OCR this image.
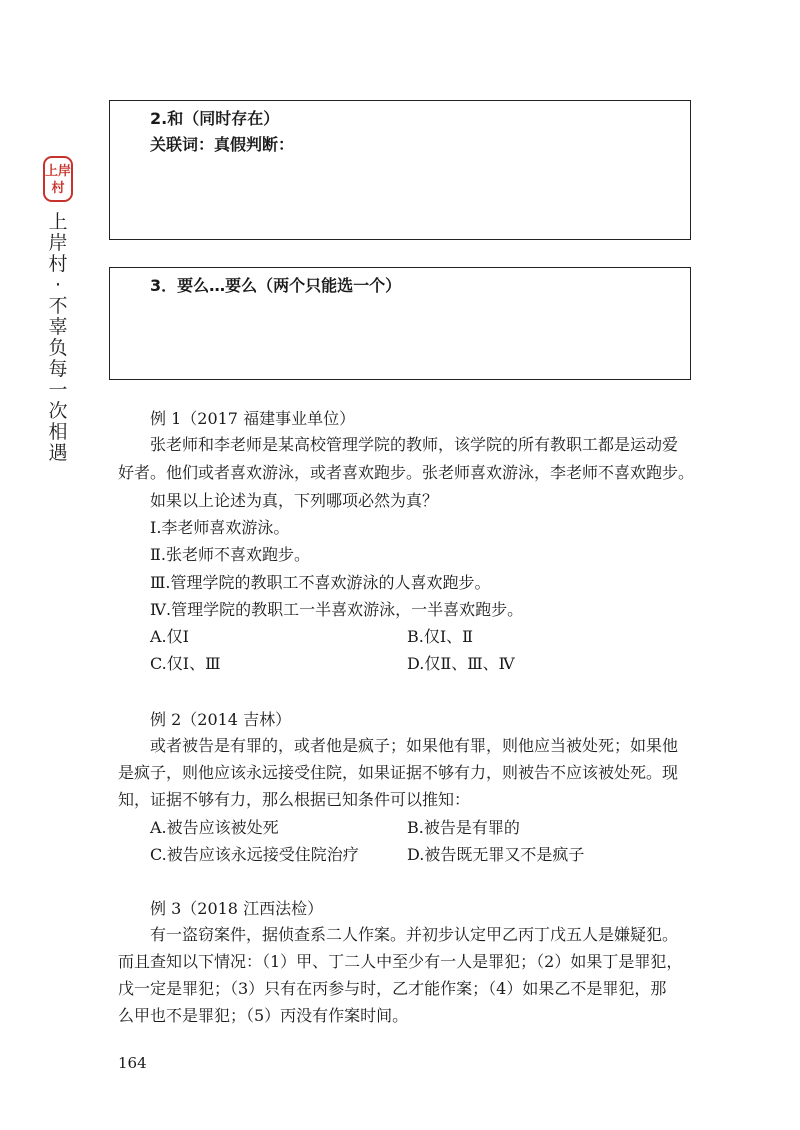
上岸村
上岸村·不辜负每一次相遇
2.和（同时存在）
关联词：真假判断：
3．要么…要么（两个只能选一个）
例 1（2017 福建事业单位）
张老师和李老师是某高校管理学院的教师，该学院的所有教职工都是运动爱
好者。他们或者喜欢游泳，或者喜欢跑步。张老师喜欢游泳，李老师不喜欢跑步。
如果以上论述为真，下列哪项必然为真？
Ⅰ.李老师喜欢游泳。
Ⅱ.张老师不喜欢跑步。
Ⅲ.管理学院的教职工不喜欢游泳的人喜欢跑步。
Ⅳ.管理学院的教职工一半喜欢游泳，一半喜欢跑步。
A.仅Ⅰ	B.仅Ⅰ、Ⅱ
C.仅Ⅰ、Ⅲ	D.仅Ⅱ、Ⅲ、Ⅳ
例 2（2014 吉林）
或者被告是有罪的，或者他是疯子；如果他有罪，则他应当被处死；如果他
是疯子，则他应该永远接受住院，如果证据不够有力，则被告不应该被处死。现
知，证据不够有力，那么根据已知条件可以推知：
A.被告应该被处死	B.被告是有罪的
C.被告应该永远接受住院治疗	D.被告既无罪又不是疯子
例 3（2018 江西法检）
有一盗窃案件，据侦查系二人作案。并初步认定甲乙丙丁戊五人是嫌疑犯。
而且查知以下情况：（1）甲、丁二人中至少有一人是罪犯；（2）如果丁是罪犯，
戊一定是罪犯；（3）只有在丙参与时，乙才能作案；（4）如果乙不是罪犯，那
么甲也不是罪犯；（5）丙没有作案时间。
164
